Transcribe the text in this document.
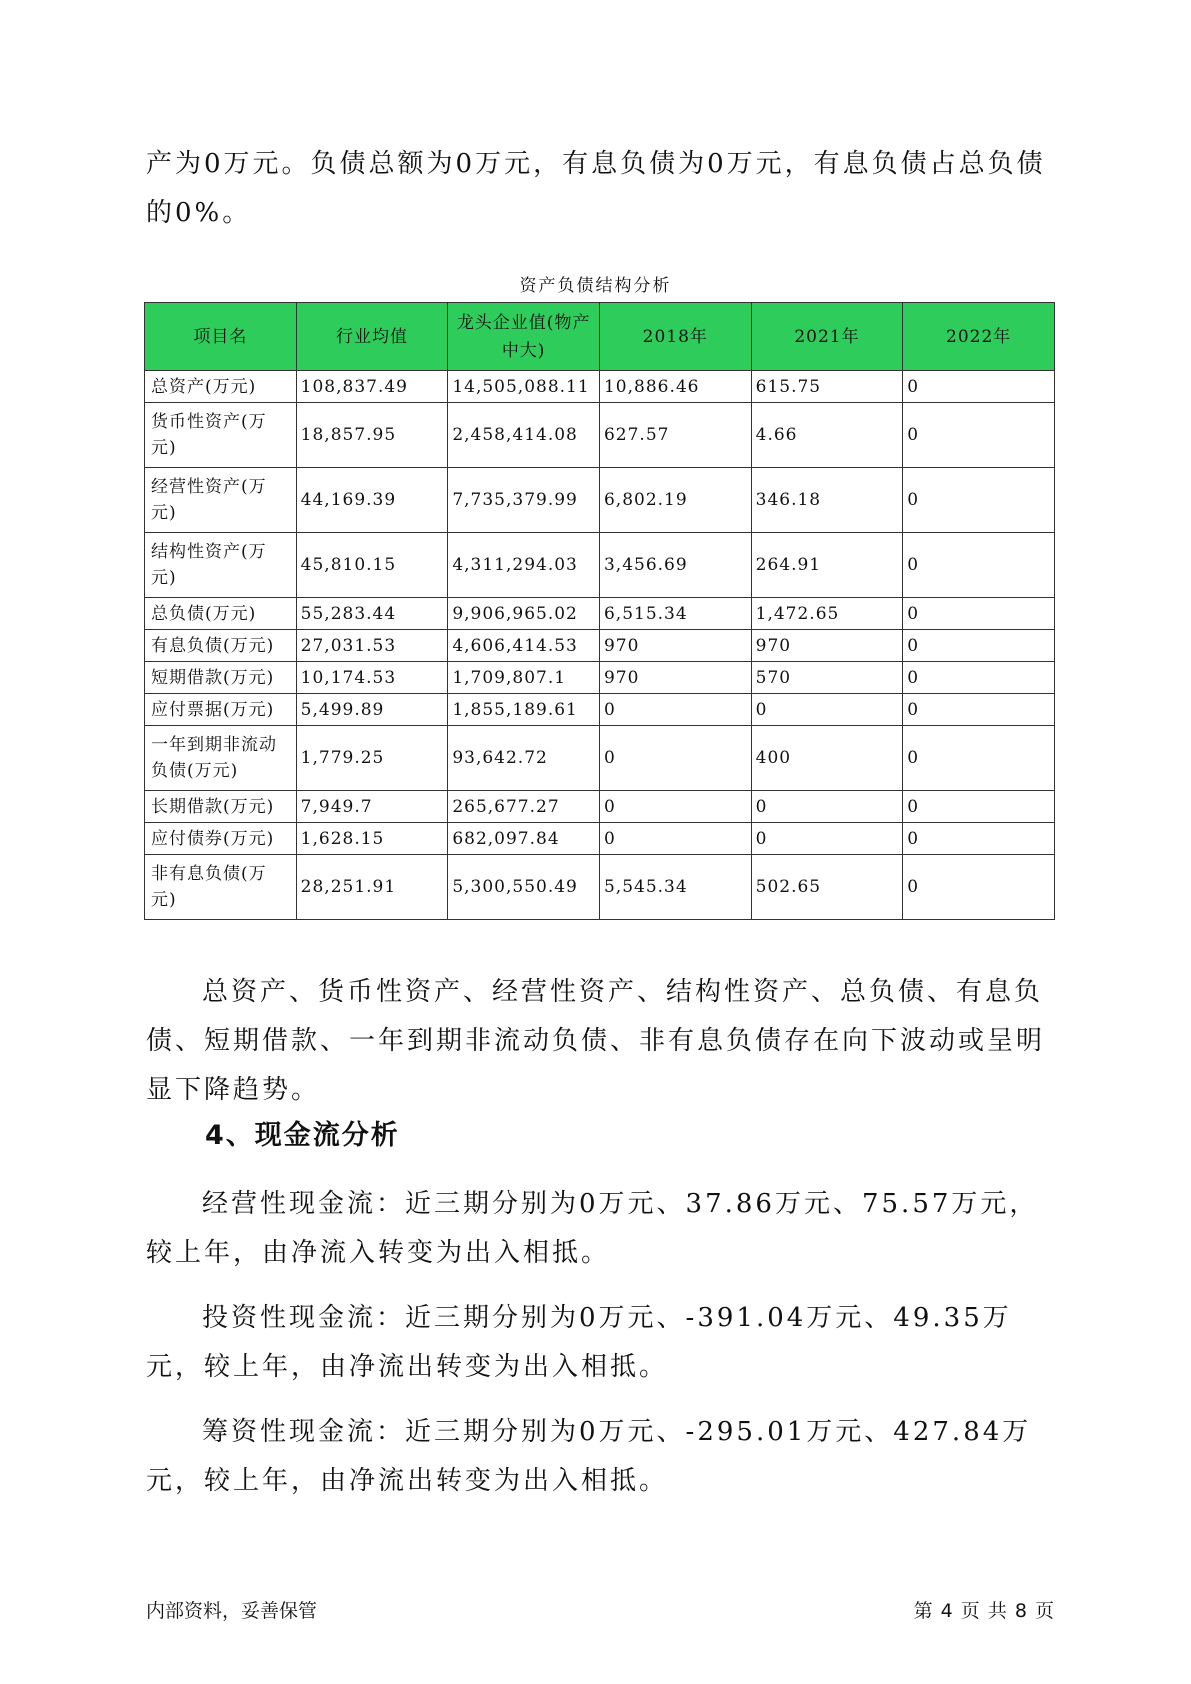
产为0万元。负债总额为0万元，有息负债为0万元，有息负债占总负债的0%。

资产负债结构分析
项目名	行业均值	龙头企业值(物产中大)	2018年	2021年	2022年
总资产(万元)	108,837.49	14,505,088.11	10,886.46	615.75	0
货币性资产(万元)	18,857.95	2,458,414.08	627.57	4.66	0
经营性资产(万元)	44,169.39	7,735,379.99	6,802.19	346.18	0
结构性资产(万元)	45,810.15	4,311,294.03	3,456.69	264.91	0
总负债(万元)	55,283.44	9,906,965.02	6,515.34	1,472.65	0
有息负债(万元)	27,031.53	4,606,414.53	970	970	0
短期借款(万元)	10,174.53	1,709,807.1	970	570	0
应付票据(万元)	5,499.89	1,855,189.61	0	0	0
一年到期非流动负债(万元)	1,779.25	93,642.72	0	400	0
长期借款(万元)	7,949.7	265,677.27	0	0	0
应付债券(万元)	1,628.15	682,097.84	0	0	0
非有息负债(万元)	28,251.91	5,300,550.49	5,545.34	502.65	0

总资产、货币性资产、经营性资产、结构性资产、总负债、有息负债、短期借款、一年到期非流动负债、非有息负债存在向下波动或呈明显下降趋势。

4、现金流分析

经营性现金流：近三期分别为0万元、37.86万元、75.57万元，较上年，由净流入转变为出入相抵。

投资性现金流：近三期分别为0万元、-391.04万元、49.35万元，较上年，由净流出转变为出入相抵。

筹资性现金流：近三期分别为0万元、-295.01万元、427.84万元，较上年，由净流出转变为出入相抵。

内部资料，妥善保管	第 4 页 共 8 页
